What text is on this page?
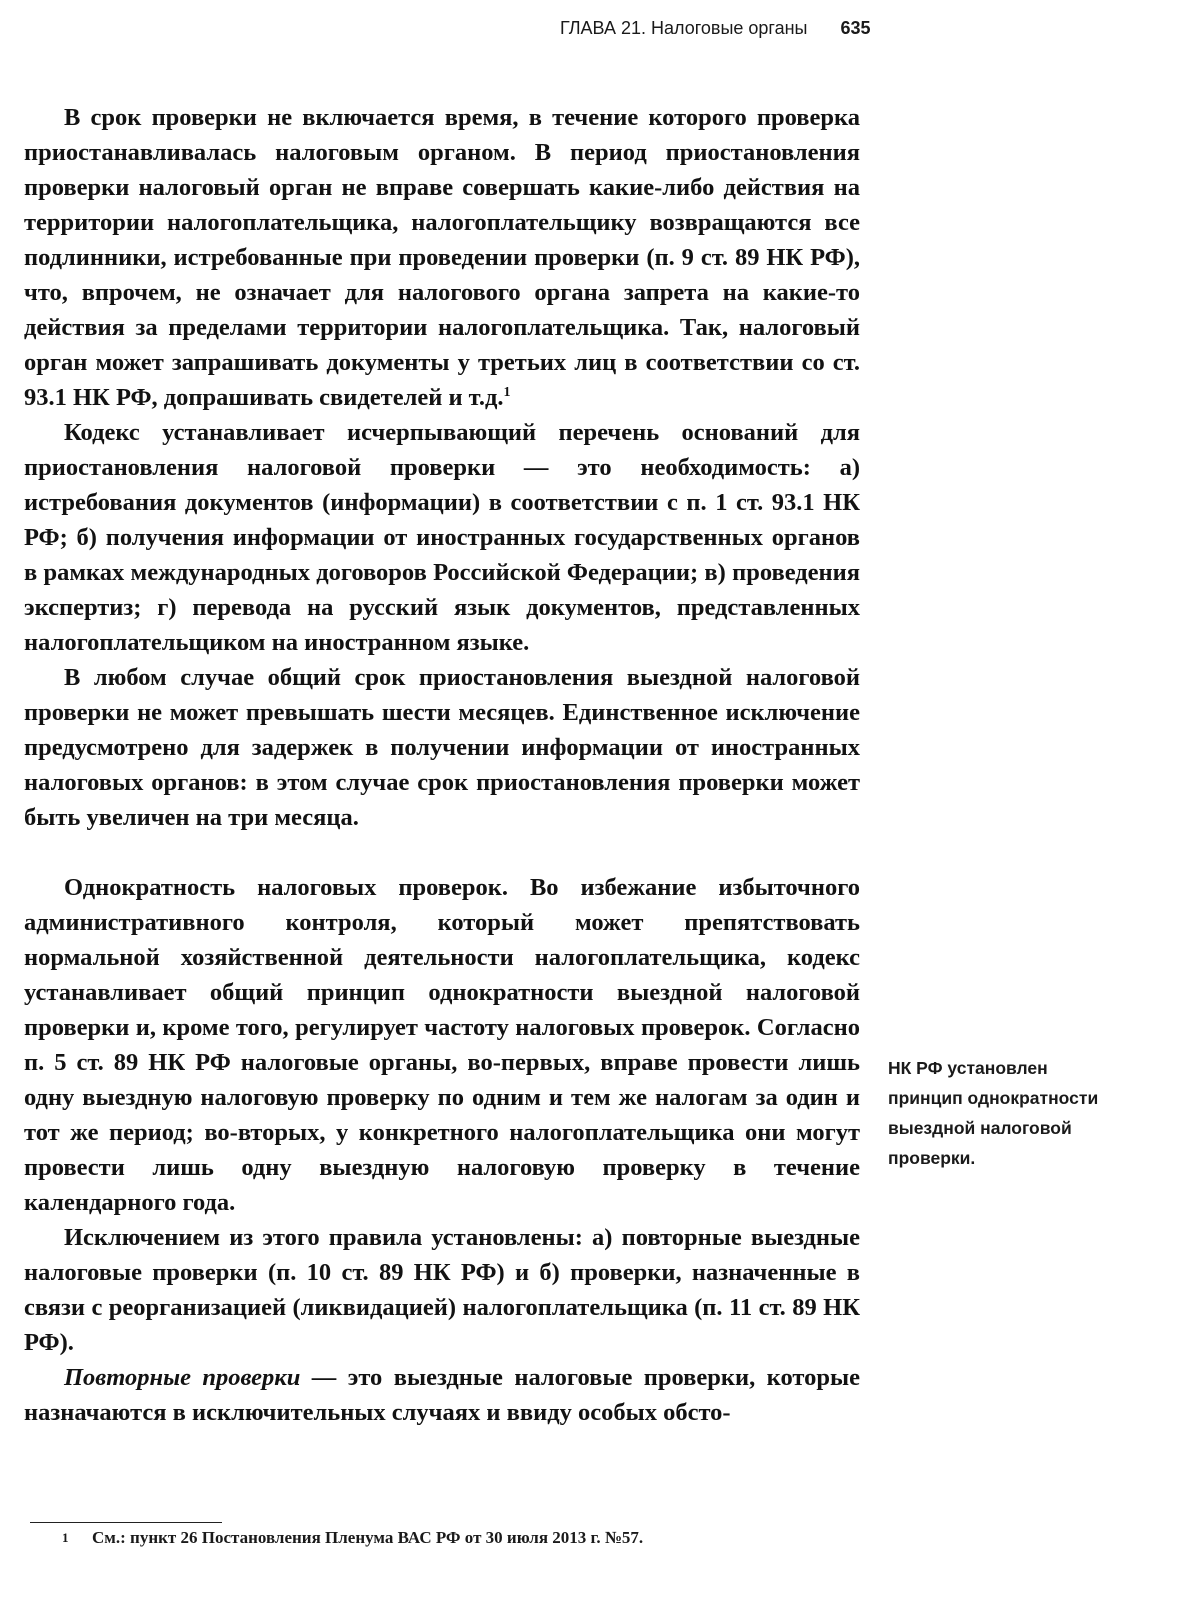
ГЛАВА 21. Налоговые органы 635

В срок проверки не включается время, в течение которого проверка приостанавливалась налоговым органом. В период приостановления проверки налоговый орган не вправе совершать какие-либо действия на территории налогоплательщика, налогоплательщику возвращаются все подлинники, истребованные при проведении проверки (п. 9 ст. 89 НК РФ), что, впрочем, не означает для налогового органа запрета на какие-то действия за пределами территории налогоплательщика. Так, налоговый орган может запрашивать документы у третьих лиц в соответствии со ст. 93.1 НК РФ, допрашивать свидетелей и т.д.$^1$

Кодекс устанавливает исчерпывающий перечень оснований для приостановления налоговой проверки — это необходимость: а) истребования документов (информации) в соответствии с п. 1 ст. 93.1 НК РФ; б) получения информации от иностранных государственных органов в рамках международных договоров Российской Федерации; в) проведения экспертиз; г) перевода на русский язык документов, представленных налогоплательщиком на иностранном языке.

В любом случае общий срок приостановления выездной налоговой проверки не может превышать шести месяцев. Единственное исключение предусмотрено для задержек в получении информации от иностранных налоговых органов: в этом случае срок приостановления проверки может быть увеличен на три месяца.

Однократность налоговых проверок. Во избежание избыточного административного контроля, который может препятствовать нормальной хозяйственной деятельности налогоплательщика, кодекс устанавливает общий принцип однократности выездной налоговой проверки и, кроме того, регулирует частоту налоговых проверок. Согласно п. 5 ст. 89 НК РФ налоговые органы, во-первых, вправе провести лишь одну выездную налоговую проверку по одним и тем же налогам за один и тот же период; во-вторых, у конкретного налогоплательщика они могут провести лишь одну выездную налоговую проверку в течение календарного года.

Исключением из этого правила установлены: а) повторные выездные налоговые проверки (п. 10 ст. 89 НК РФ) и б) проверки, назначенные в связи с реорганизацией (ликвидацией) налогоплательщика (п. 11 ст. 89 НК РФ).

Повторные проверки — это выездные налоговые проверки, которые назначаются в исключительных случаях и ввиду особых обсто-

НК РФ установлен принцип однократности выездной налоговой проверки.
1 См.: пункт 26 Постановления Пленума ВАС РФ от 30 июля 2013 г. №57.
